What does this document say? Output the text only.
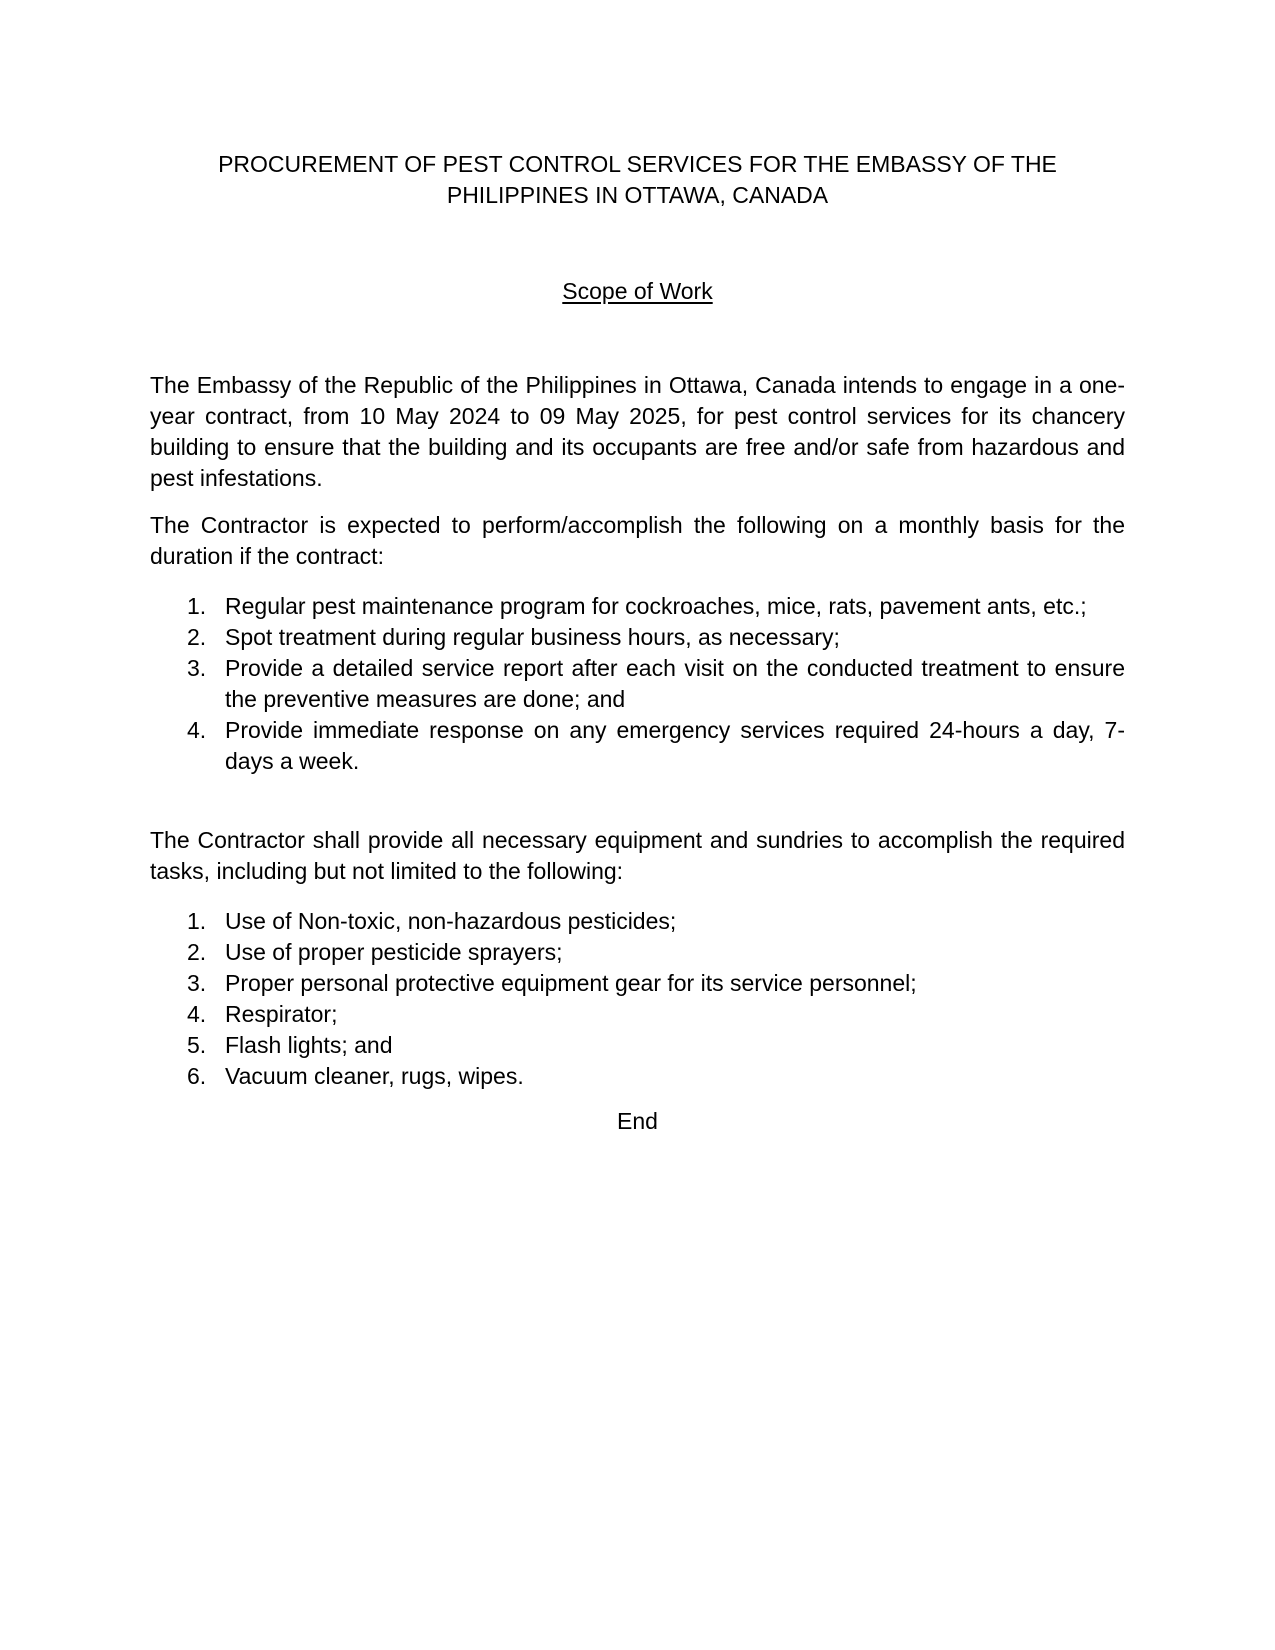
PROCUREMENT OF PEST CONTROL SERVICES FOR THE EMBASSY OF THE PHILIPPINES IN OTTAWA, CANADA
Scope of Work

The Embassy of the Republic of the Philippines in Ottawa, Canada intends to engage in a one-year contract, from 10 May 2024 to 09 May 2025, for pest control services for its chancery building to ensure that the building and its occupants are free and/or safe from hazardous and pest infestations.

The Contractor is expected to perform/accomplish the following on a monthly basis for the duration if the contract:

1. Regular pest maintenance program for cockroaches, mice, rats, pavement ants, etc.;
2. Spot treatment during regular business hours, as necessary;
3. Provide a detailed service report after each visit on the conducted treatment to ensure the preventive measures are done; and
4. Provide immediate response on any emergency services required 24-hours a day, 7-days a week.

The Contractor shall provide all necessary equipment and sundries to accomplish the required tasks, including but not limited to the following:

1. Use of Non-toxic, non-hazardous pesticides;
2. Use of proper pesticide sprayers;
3. Proper personal protective equipment gear for its service personnel;
4. Respirator;
5. Flash lights; and
6. Vacuum cleaner, rugs, wipes.

End
